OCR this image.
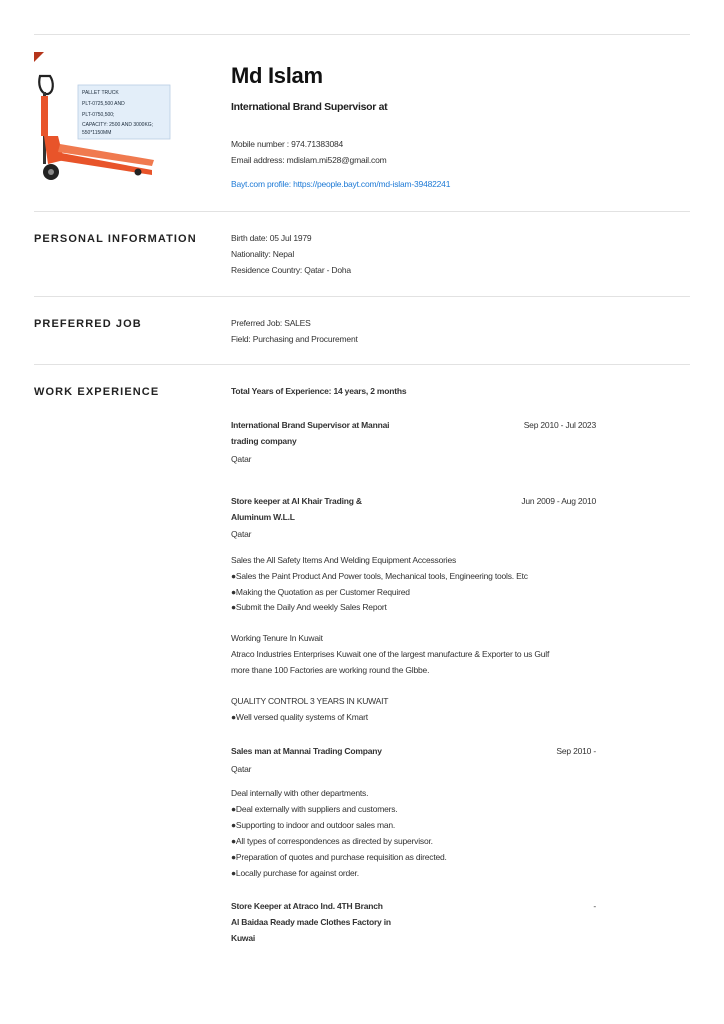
PALLET TRUCK
PLT-0725,500 AND
PLT-0750,500;
CAPACITY: 2500 AND 3000KG;
550*1150MM
Md Islam
International Brand Supervisor at
Mobile number : 974.71383084
Email address: mdislam.mi528@gmail.com
Bayt.com profile: https://people.bayt.com/md-islam-39482241
PERSONAL INFORMATION	Birth date: 05 Jul 1979
Nationality: Nepal
Residence Country: Qatar - Doha
PREFERRED JOB	Preferred Job: SALES
Field: Purchasing and Procurement
WORK EXPERIENCE	Total Years of Experience: 14 years, 2 months
International Brand Supervisor at Mannai
trading company
Sep 2010 - Jul 2023
Qatar
Store keeper at Al Khair Trading &
Aluminum W.L.L
Jun 2009 - Aug 2010
Qatar
Sales the All Safety Items And Welding Equipment Accessories
●Sales the Paint Product And Power tools, Mechanical tools, Engineering tools. Etc
●Making the Quotation as per Customer Required
●Submit the Daily And weekly Sales Report
Working Tenure In Kuwait
Atraco Industries Enterprises Kuwait one of the largest manufacture & Exporter to us Gulf
more thane 100 Factories are working round the Glbbe.
QUALITY CONTROL 3 YEARS IN KUWAIT
●Well versed quality systems of Kmart
Sales man at Mannai Trading Company	Sep 2010 -
Qatar
Deal internally with other departments.
●Deal externally with suppliers and customers.
●Supporting to indoor and outdoor sales man.
●All types of correspondences as directed by supervisor.
●Preparation of quotes and purchase requisition as directed.
●Locally purchase for against order.
Store Keeper at Atraco Ind. 4TH Branch
Al Baidaa Ready made Clothes Factory in
Kuwai
-
